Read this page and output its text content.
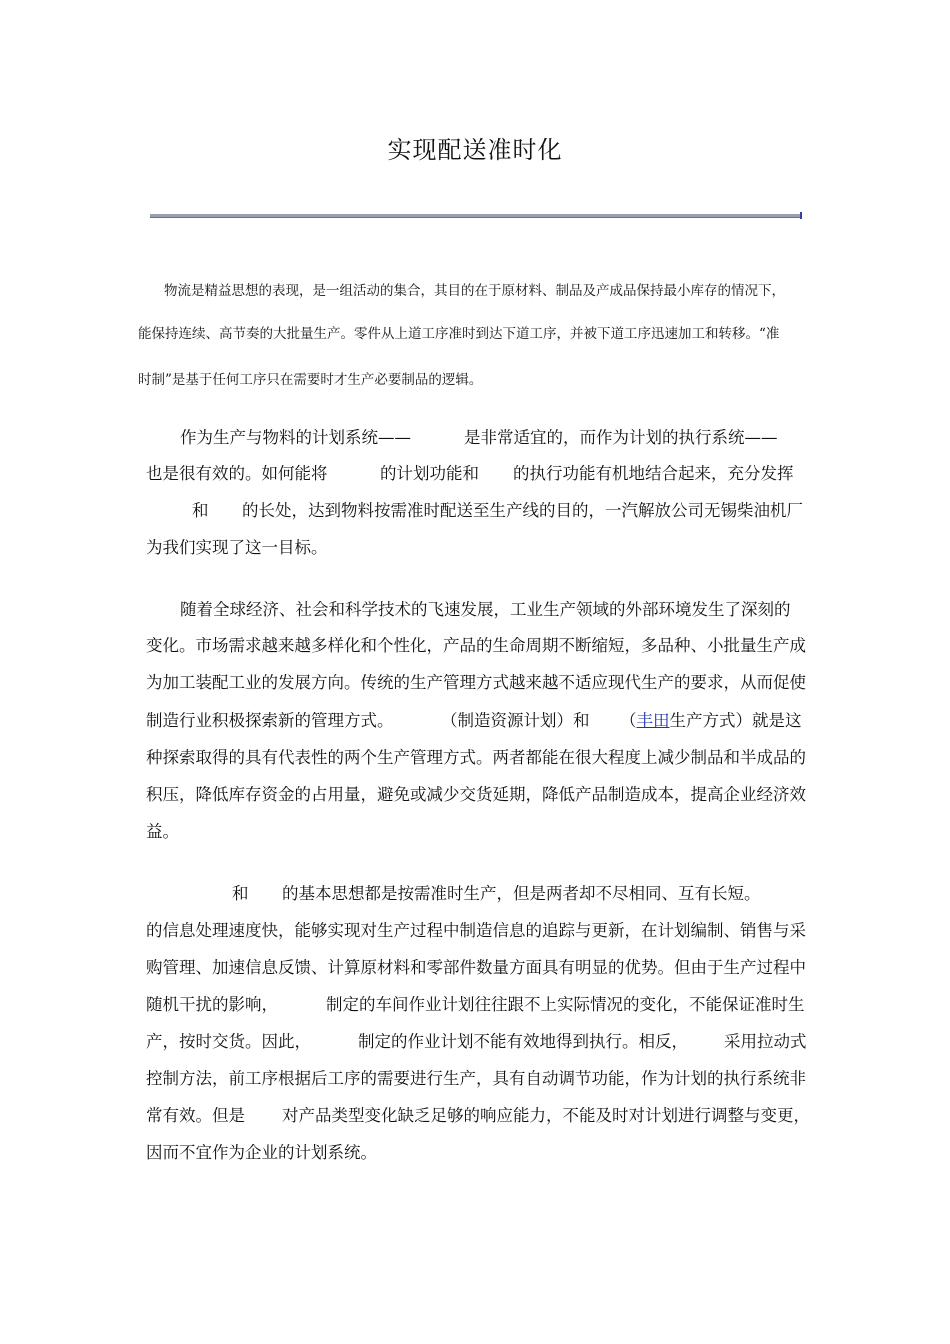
实现配送准时化
物流是精益思想的表现，是一组活动的集合，其目的在于原材料、制品及产成品保持最小库存的情况下，
能保持连续、高节奏的大批量生产。零件从上道工序准时到达下道工序，并被下道工序迅速加工和转移。“准
时制”是基于任何工序只在需要时才生产必要制品的逻辑。
作为生产与物料的计划系统——	是非常适宜的，而作为计划的执行系统——
也是很有效的。如何能将	的计划功能和 的执行功能有机地结合起来，充分发挥
和 的长处，达到物料按需准时配送至生产线的目的，一汽解放公司无锡柴油机厂
为我们实现了这一目标。
随着全球经济、社会和科学技术的飞速发展，工业生产领域的外部环境发生了深刻的
变化。市场需求越来越多样化和个性化，产品的生命周期不断缩短，多品种、小批量生产成
为加工装配工业的发展方向。传统的生产管理方式越来越不适应现代生产的要求，从而促使
制造行业积极探索新的管理方式。	（制造资源计划）和 （丰田生产方式）就是这
种探索取得的具有代表性的两个生产管理方式。两者都能在很大程度上减少制品和半成品的
积压，降低库存资金的占用量，避免或减少交货延期，降低产品制造成本，提高企业经济效
益。
和 的基本思想都是按需准时生产，但是两者却不尽相同、互有长短。
的信息处理速度快，能够实现对生产过程中制造信息的追踪与更新，在计划编制、销售与采
购管理、加速信息反馈、计算原材料和零部件数量方面具有明显的优势。但由于生产过程中
随机干扰的影响，	制定的车间作业计划往往跟不上实际情况的变化，不能保证准时生
产，按时交货。因此，	制定的作业计划不能有效地得到执行。相反， 采用拉动式
控制方法，前工序根据后工序的需要进行生产，具有自动调节功能，作为计划的执行系统非
常有效。但是 对产品类型变化缺乏足够的响应能力，不能及时对计划进行调整与变更，
因而不宜作为企业的计划系统。
